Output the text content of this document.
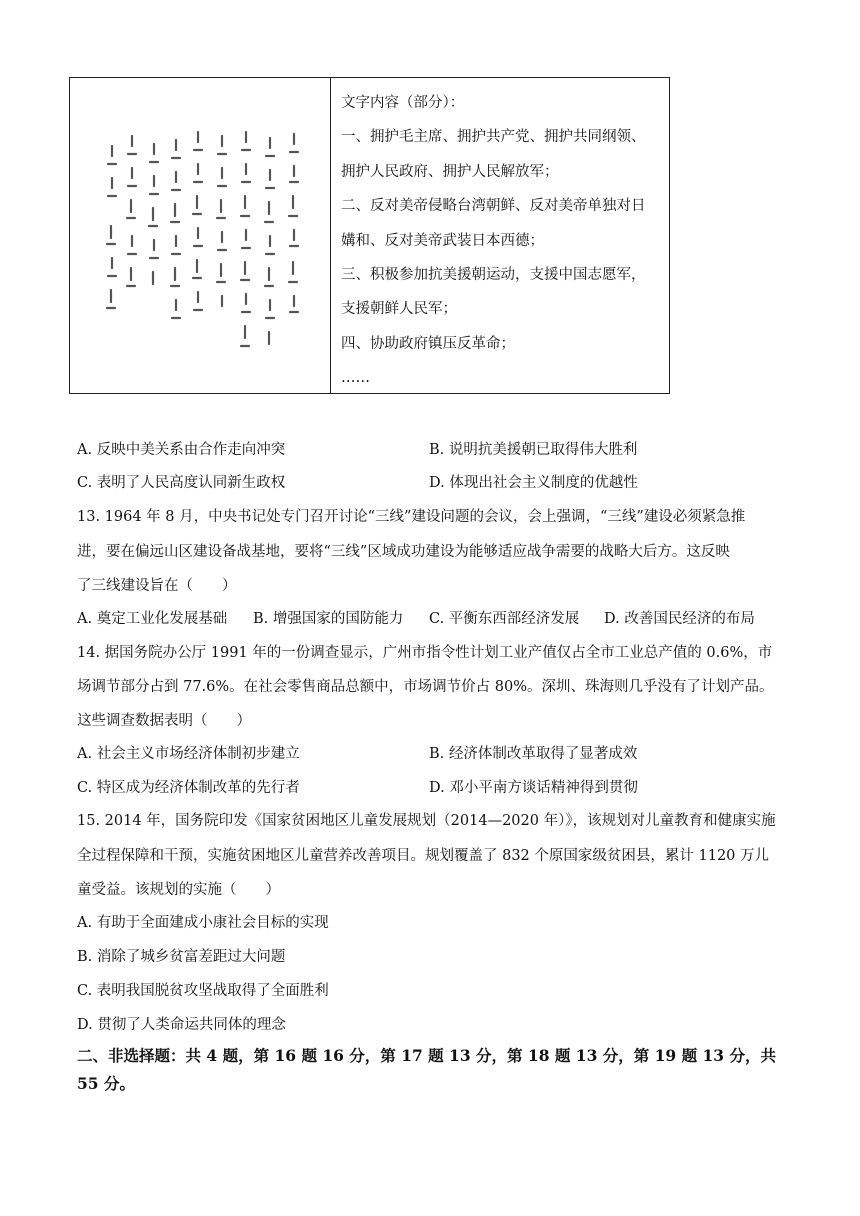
文字内容（部分）：
一、拥护毛主席、拥护共产党、拥护共同纲领、
拥护人民政府、拥护人民解放军；
二、反对美帝侵略台湾朝鲜、反对美帝单独对日
媾和、反对美帝武装日本西德；
三、积极参加抗美援朝运动，支援中国志愿军，
支援朝鲜人民军；
四、协助政府镇压反革命；
……
A. 反映中美关系由合作走向冲突	B. 说明抗美援朝已取得伟大胜利
C. 表明了人民高度认同新生政权	D. 体现出社会主义制度的优越性
13. 1964 年 8 月，中央书记处专门召开讨论“三线”建设问题的会议，会上强调，“三线”建设必须紧急推
进，要在偏远山区建设备战基地，要将“三线”区域成功建设为能够适应战争需要的战略大后方。这反映
了三线建设旨在（　　）
A. 奠定工业化发展基础 B. 增强国家的国防能力 C. 平衡东西部经济发展 D. 改善国民经济的布局
14. 据国务院办公厅 1991 年的一份调查显示，广州市指令性计划工业产值仅占全市工业总产值的 0.6%，市
场调节部分占到 77.6%。在社会零售商品总额中，市场调节价占 80%。深圳、珠海则几乎没有了计划产品。
这些调查数据表明（　　）
A. 社会主义市场经济体制初步建立	B. 经济体制改革取得了显著成效
C. 特区成为经济体制改革的先行者	D. 邓小平南方谈话精神得到贯彻
15. 2014 年，国务院印发《国家贫困地区儿童发展规划（2014—2020 年）》，该规划对儿童教育和健康实施
全过程保障和干预，实施贫困地区儿童营养改善项目。规划覆盖了 832 个原国家级贫困县，累计 1120 万儿
童受益。该规划的实施（　　）
A. 有助于全面建成小康社会目标的实现
B. 消除了城乡贫富差距过大问题
C. 表明我国脱贫攻坚战取得了全面胜利
D. 贯彻了人类命运共同体的理念
二、非选择题：共 4 题，第 16 题 16 分，第 17 题 13 分，第 18 题 13 分，第 19 题 13 分，共
55 分。
